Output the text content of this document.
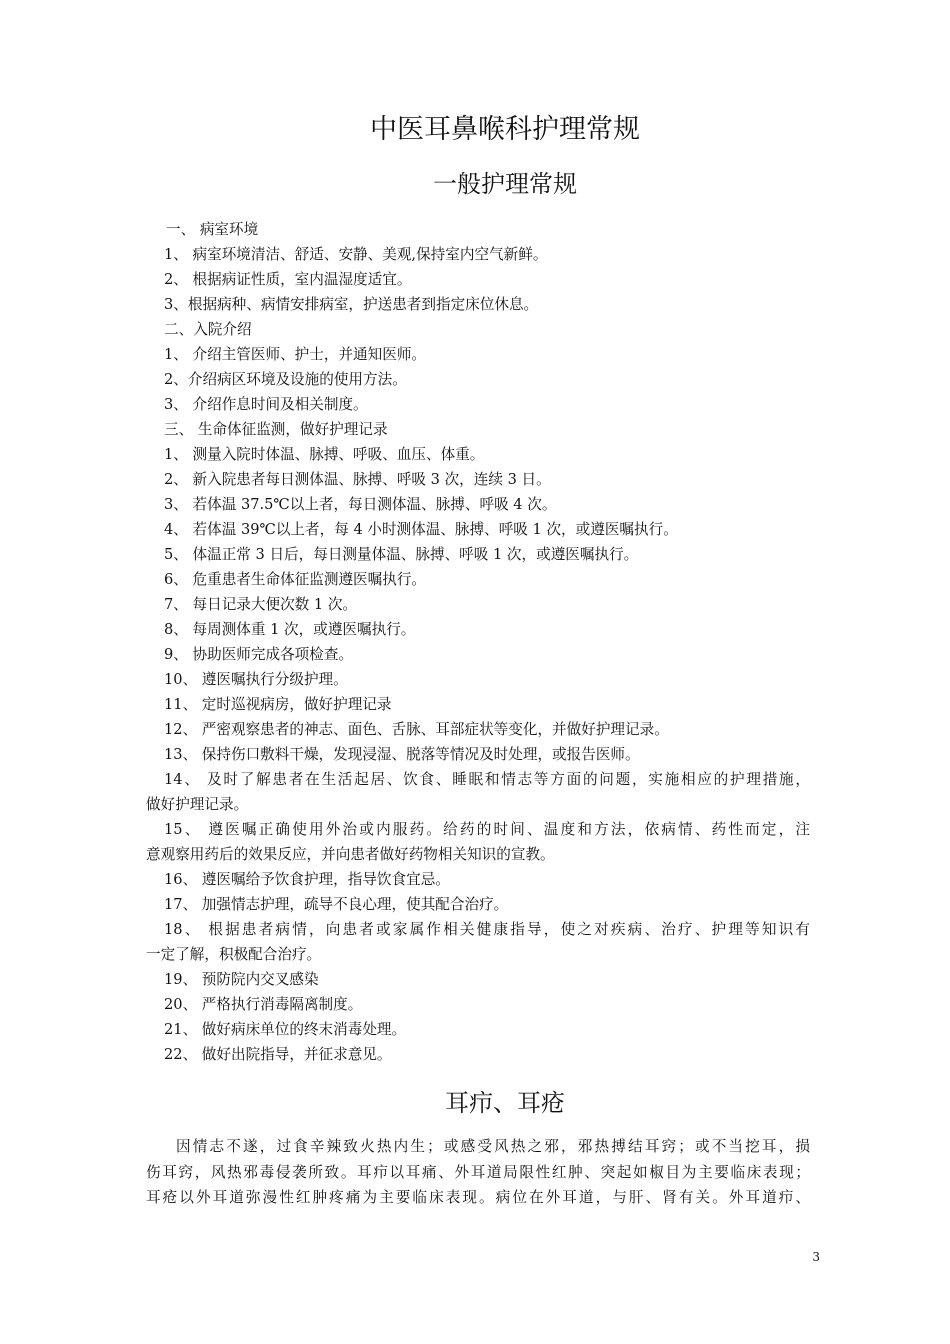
中医耳鼻喉科护理常规
一般护理常规
一、 病室环境
1、 病室环境清洁、舒适、安静、美观,保持室内空气新鲜。
2、 根据病证性质，室内温湿度适宜。
3、根据病种、病情安排病室，护送患者到指定床位休息。
二、入院介绍
1、 介绍主管医师、护士，并通知医师。
2、介绍病区环境及设施的使用方法。
3、 介绍作息时间及相关制度。
三、 生命体征监测，做好护理记录
1、 测量入院时体温、脉搏、呼吸、血压、体重。
2、 新入院患者每日测体温、脉搏、呼吸 3 次，连续 3 日。
3、 若体温 37.5℃以上者，每日测体温、脉搏、呼吸 4 次。
4、 若体温 39℃以上者，每 4 小时测体温、脉搏、呼吸 1 次，或遵医嘱执行。
5、 体温正常 3 日后，每日测量体温、脉搏、呼吸 1 次，或遵医嘱执行。
6、 危重患者生命体征监测遵医嘱执行。
7、 每日记录大便次数 1 次。
8、 每周测体重 1 次，或遵医嘱执行。
9、 协助医师完成各项检查。
10、 遵医嘱执行分级护理。
11、 定时巡视病房，做好护理记录
12、 严密观察患者的神志、面色、舌脉、耳部症状等变化，并做好护理记录。
13、 保持伤口敷料干燥，发现浸湿、脱落等情况及时处理，或报告医师。
14、 及时了解患者在生活起居、饮食、睡眠和情志等方面的问题，实施相应的护理措施，
做好护理记录。
15、 遵医嘱正确使用外治或内服药。给药的时间、温度和方法，依病情、药性而定，注
意观察用药后的效果反应，并向患者做好药物相关知识的宣教。
16、 遵医嘱给予饮食护理，指导饮食宜忌。
17、 加强情志护理，疏导不良心理，使其配合治疗。
18、 根据患者病情，向患者或家属作相关健康指导，使之对疾病、治疗、护理等知识有
一定了解，积极配合治疗。
19、 预防院内交叉感染
20、 严格执行消毒隔离制度。
21、 做好病床单位的终末消毒处理。
22、 做好出院指导，并征求意见。
耳疖、耳疮
因情志不遂，过食辛辣致火热内生；或感受风热之邪，邪热搏结耳窍；或不当挖耳，损
伤耳窍，风热邪毒侵袭所致。耳疖以耳痛、外耳道局限性红肿、突起如椒目为主要临床表现；
耳疮以外耳道弥漫性红肿疼痛为主要临床表现。病位在外耳道，与肝、肾有关。外耳道疖、
3
